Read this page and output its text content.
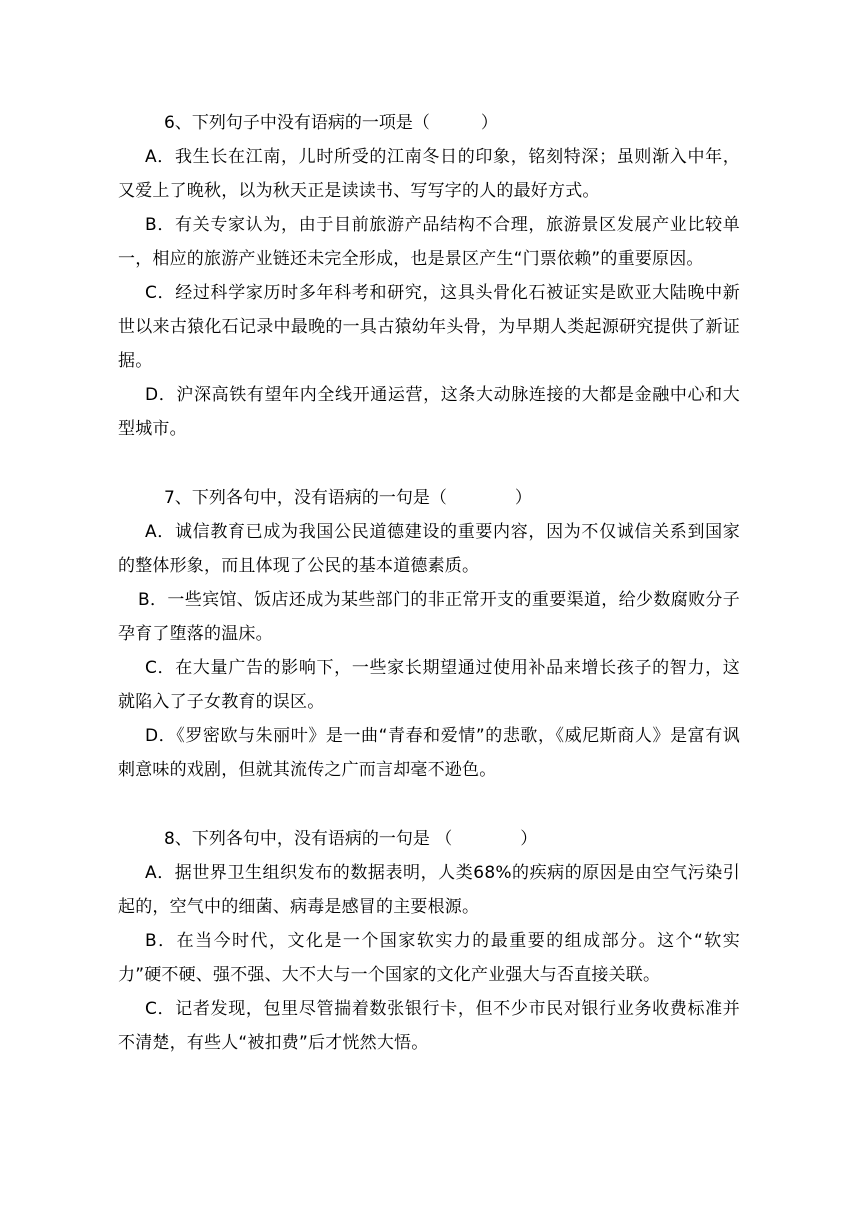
6、下列句子中没有语病的一项是（　　　）
A．我生长在江南，儿时所受的江南冬日的印象，铭刻特深；虽则渐入中年，又爱上了晚秋，以为秋天正是读读书、写写字的人的最好方式。
B．有关专家认为，由于目前旅游产品结构不合理，旅游景区发展产业比较单一，相应的旅游产业链还未完全形成，也是景区产生“门票依赖”的重要原因。
C．经过科学家历时多年科考和研究，这具头骨化石被证实是欧亚大陆晚中新世以来古猿化石记录中最晚的一具古猿幼年头骨，为早期人类起源研究提供了新证据。
D．沪深高铁有望年内全线开通运营，这条大动脉连接的大都是金融中心和大型城市。
7、下列各句中，没有语病的一句是（　　　　）
A．诚信教育已成为我国公民道德建设的重要内容，因为不仅诚信关系到国家的整体形象，而且体现了公民的基本道德素质。
B．一些宾馆、饭店还成为某些部门的非正常开支的重要渠道，给少数腐败分子孕育了堕落的温床。
C．在大量广告的影响下，一些家长期望通过使用补品来增长孩子的智力，这就陷入了子女教育的误区。
D．《罗密欧与朱丽叶》是一曲“青春和爱情”的悲歌，《威尼斯商人》是富有讽刺意味的戏剧，但就其流传之广而言却毫不逊色。
8、下列各句中，没有语病的一句是 （　　　　）
A．据世界卫生组织发布的数据表明，人类68%的疾病的原因是由空气污染引起的，空气中的细菌、病毒是感冒的主要根源。
B．在当今时代，文化是一个国家软实力的最重要的组成部分。这个“软实力”硬不硬、强不强、大不大与一个国家的文化产业强大与否直接关联。
C．记者发现，包里尽管揣着数张银行卡，但不少市民对银行业务收费标准并不清楚，有些人“被扣费”后才恍然大悟。
